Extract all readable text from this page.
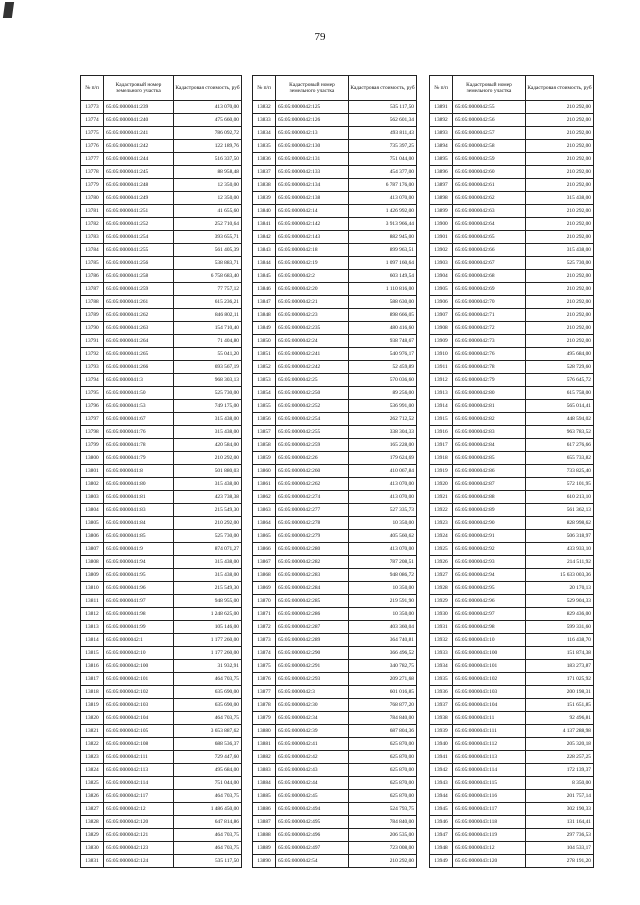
79
№ п/п	Кадастровый номер земельного участка	Кадастровая стоимость, руб
13773	65:05:0000041:239	413 070,00
13774	65:05:0000041:240	475 660,00
13775	65:05:0000041:241	786 092,72
13776	65:05:0000041:242	122 189,76
13777	65:05:0000041:244	516 337,50
13778	65:05:0000041:245	88 958,48
13779	65:05:0000041:248	12 350,00
13780	65:05:0000041:249	12 350,00
13781	65:05:0000041:251	41 655,60
13782	65:05:0000041:252	252 710,64
13783	65:05:0000041:254	393 655,71
13784	65:05:0000041:255	561 405,39
13785	65:05:0000041:256	538 883,71
13786	65:05:0000041:258	6 758 683,40
13787	65:05:0000041:259	77 757,12
13788	65:05:0000041:261	615 236,21
13789	65:05:0000041:262	846 802,11
13790	65:05:0000041:263	154 710,40
13791	65:05:0000041:264	71 404,80
13792	65:05:0000041:265	55 041,20
13793	65:05:0000041:266	693 567,19
13794	65:05:0000041:3	968 303,13
13795	65:05:0000041:50	525 730,00
13796	65:05:0000041:53	749 175,00
13797	65:05:0000041:67	315 438,00
13798	65:05:0000041:76	315 438,00
13799	65:05:0000041:78	420 584,00
13800	65:05:0000041:79	210 292,00
13801	65:05:0000041:8	501 880,03
13802	65:05:0000041:80	315 438,00
13803	65:05:0000041:81	423 738,38
13804	65:05:0000041:83	215 549,30
13805	65:05:0000041:84	210 292,00
13806	65:05:0000041:85	525 730,00
13807	65:05:0000041:9	874 071,27
13808	65:05:0000041:94	315 438,00
13809	65:05:0000041:95	315 438,00
13810	65:05:0000041:96	215 549,30
13811	65:05:0000041:97	948 955,00
13812	65:05:0000041:98	1 248 625,00
13813	65:05:0000041:99	105 146,00
13814	65:05:0000042:1	1 177 260,00
13815	65:05:0000042:10	1 177 260,00
13816	65:05:0000042:100	31 932,91
13817	65:05:0000042:101	464 703,75
13818	65:05:0000042:102	635 690,00
13819	65:05:0000042:103	635 690,00
13820	65:05:0000042:104	464 703,75
13821	65:05:0000042:105	3 653 887,62
13822	65:05:0000042:108	688 536,37
13823	65:05:0000042:111	729 447,60
13824	65:05:0000042:113	495 684,00
13825	65:05:0000042:114	751 044,00
13826	65:05:0000042:117	464 703,75
13827	65:05:0000042:12	1 486 450,00
13828	65:05:0000042:120	647 814,86
13829	65:05:0000042:121	464 703,75
13830	65:05:0000042:123	464 703,75
13831	65:05:0000042:124	535 117,50
№ п/п	Кадастровый номер земельного участка	Кадастровая стоимость, руб
13832	65:05:0000042:125	535 117,50
13833	65:05:0000042:126	562 601,34
13834	65:05:0000042:13	493 811,43
13835	65:05:0000042:130	735 397,25
13836	65:05:0000042:131	751 044,00
13837	65:05:0000042:133	454 377,00
13838	65:05:0000042:134	6 787 176,00
13839	65:05:0000042:138	413 070,00
13840	65:05:0000042:14	1 426 992,00
13841	65:05:0000042:142	3 913 966,44
13842	65:05:0000042:143	882 945,00
13843	65:05:0000042:18	899 963,51
13844	65:05:0000042:19	1 097 160,64
13845	65:05:0000042:2	603 149,54
13846	65:05:0000042:20	1 110 816,00
13847	65:05:0000042:21	588 630,00
13848	65:05:0000042:23	898 666,05
13849	65:05:0000042:235	480 416,60
13850	65:05:0000042:24	938 748,67
13851	65:05:0000042:241	540 976,17
13852	65:05:0000042:242	52 459,89
13853	65:05:0000042:25	570 036,60
13854	65:05:0000042:250	89 256,00
13855	65:05:0000042:252	536 991,00
13856	65:05:0000042:254	262 712,52
13857	65:05:0000042:255	338 304,33
13858	65:05:0000042:259	165 228,00
13859	65:05:0000042:26	179 624,69
13860	65:05:0000042:260	410 067,84
13861	65:05:0000042:262	413 070,00
13862	65:05:0000042:274	413 070,00
13863	65:05:0000042:277	527 335,73
13864	65:05:0000042:278	10 350,00
13865	65:05:0000042:279	405 560,62
13866	65:05:0000042:280	413 070,00
13867	65:05:0000042:282	787 208,51
13868	65:05:0000042:283	948 086,72
13869	65:05:0000042:284	10 350,00
13870	65:05:0000042:285	219 591,90
13871	65:05:0000042:286	10 350,00
13872	65:05:0000042:287	403 360,04
13873	65:05:0000042:289	364 740,81
13874	65:05:0000042:290	366 496,52
13875	65:05:0000042:291	340 782,75
13876	65:05:0000042:293	209 271,68
13877	65:05:0000042:3	601 016,85
13878	65:05:0000042:30	768 877,20
13879	65:05:0000042:34	784 840,00
13880	65:05:0000042:39	687 804,36
13881	65:05:0000042:41	625 870,00
13882	65:05:0000042:42	625 870,00
13883	65:05:0000042:43	625 870,00
13884	65:05:0000042:44	625 870,00
13885	65:05:0000042:45	625 870,00
13886	65:05:0000042:494	524 793,75
13887	65:05:0000042:495	784 840,00
13888	65:05:0000042:496	206 535,00
13889	65:05:0000042:497	723 008,00
13890	65:05:0000042:54	210 292,00
№ п/п	Кадастровый номер земельного участка	Кадастровая стоимость, руб
13891	65:05:0000042:55	210 292,00
13892	65:05:0000042:56	210 292,00
13893	65:05:0000042:57	210 292,00
13894	65:05:0000042:58	210 292,00
13895	65:05:0000042:59	210 292,00
13896	65:05:0000042:60	210 292,00
13897	65:05:0000042:61	210 292,00
13898	65:05:0000042:62	315 438,00
13899	65:05:0000042:63	210 292,00
13900	65:05:0000042:64	210 292,00
13901	65:05:0000042:65	210 292,00
13902	65:05:0000042:66	315 438,00
13903	65:05:0000042:67	525 730,00
13904	65:05:0000042:68	210 292,00
13905	65:05:0000042:69	210 292,00
13906	65:05:0000042:70	210 292,00
13907	65:05:0000042:71	210 292,00
13908	65:05:0000042:72	210 292,00
13909	65:05:0000042:73	210 292,00
13910	65:05:0000042:76	495 684,00
13911	65:05:0000042:78	528 729,60
13912	65:05:0000042:79	576 645,72
13913	65:05:0000042:80	615 758,00
13914	65:05:0000042:81	565 014,41
13915	65:05:0000042:82	448 594,02
13916	65:05:0000042:83	963 783,52
13917	65:05:0000042:84	617 276,66
13918	65:05:0000042:85	655 733,82
13919	65:05:0000042:86	733 825,40
13920	65:05:0000042:87	572 101,95
13921	65:05:0000042:88	610 213,10
13922	65:05:0000042:89	561 362,13
13923	65:05:0000042:90	828 998,62
13924	65:05:0000042:91	506 318,97
13925	65:05:0000042:92	433 933,10
13926	65:05:0000042:93	214 511,92
13927	65:05:0000042:94	15 633 003,36
13928	65:05:0000042:95	20 170,13
13929	65:05:0000042:96	529 904,33
13930	65:05:0000042:97	829 436,00
13931	65:05:0000042:98	599 331,60
13932	65:05:0000043:10	116 438,70
13933	65:05:0000043:100	151 874,38
13934	65:05:0000043:101	183 273,87
13935	65:05:0000043:102	171 025,92
13936	65:05:0000043:103	200 198,31
13937	65:05:0000043:104	151 651,85
13938	65:05:0000043:11	92 496,81
13939	65:05:0000043:111	4 137 288,98
13940	65:05:0000043:112	205 320,18
13941	65:05:0000043:113	228 257,25
13942	65:05:0000043:114	172 139,37
13943	65:05:0000043:115	8 350,00
13944	65:05:0000043:116	201 757,14
13945	65:05:0000043:117	302 190,33
13946	65:05:0000043:118	131 164,41
13947	65:05:0000043:119	297 736,53
13948	65:05:0000043:12	104 533,17
13949	65:05:0000043:120	278 191,20
